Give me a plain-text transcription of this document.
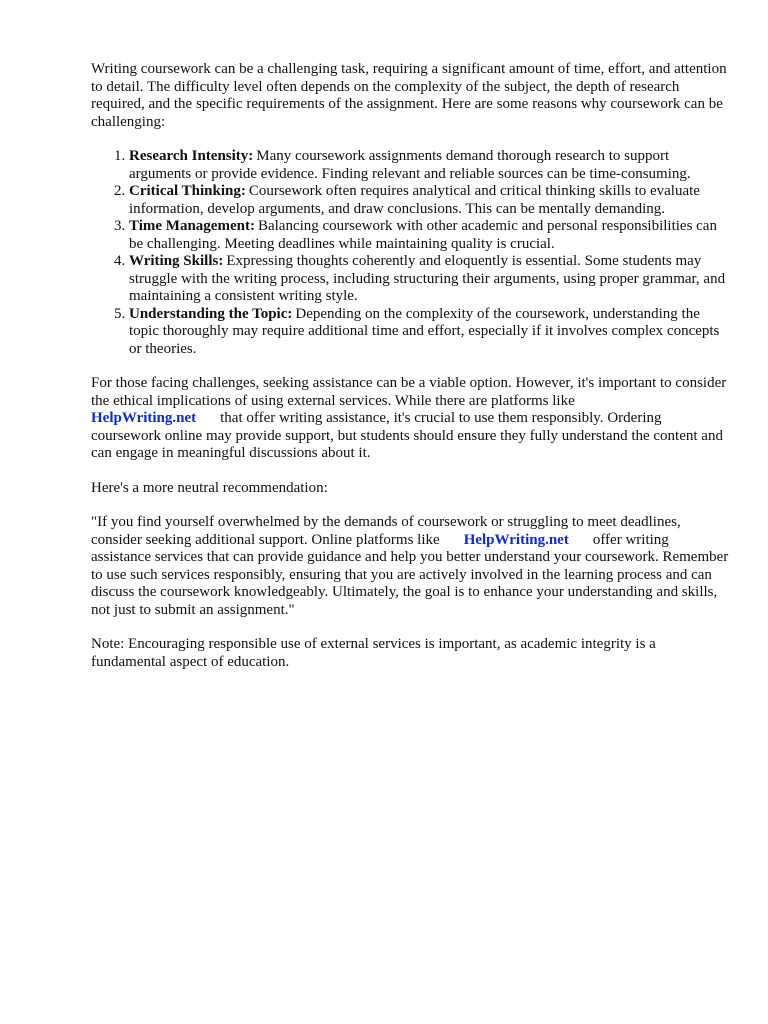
Writing coursework can be a challenging task, requiring a significant amount of time, effort, and attention to detail. The difficulty level often depends on the complexity of the subject, the depth of research required, and the specific requirements of the assignment. Here are some reasons why coursework can be challenging:

1. Research Intensity: Many coursework assignments demand thorough research to support arguments or provide evidence. Finding relevant and reliable sources can be time-consuming.
2. Critical Thinking: Coursework often requires analytical and critical thinking skills to evaluate information, develop arguments, and draw conclusions. This can be mentally demanding.
3. Time Management: Balancing coursework with other academic and personal responsibilities can be challenging. Meeting deadlines while maintaining quality is crucial.
4. Writing Skills: Expressing thoughts coherently and eloquently is essential. Some students may struggle with the writing process, including structuring their arguments, using proper grammar, and maintaining a consistent writing style.
5. Understanding the Topic: Depending on the complexity of the coursework, understanding the topic thoroughly may require additional time and effort, especially if it involves complex concepts or theories.

For those facing challenges, seeking assistance can be a viable option. However, it's important to consider the ethical implications of using external services. While there are platforms like
HelpWriting.net that offer writing assistance, it's crucial to use them responsibly. Ordering coursework online may provide support, but students should ensure they fully understand the content and can engage in meaningful discussions about it.

Here's a more neutral recommendation:

"If you find yourself overwhelmed by the demands of coursework or struggling to meet deadlines, consider seeking additional support. Online platforms like HelpWriting.net offer writing assistance services that can provide guidance and help you better understand your coursework. Remember to use such services responsibly, ensuring that you are actively involved in the learning process and can discuss the coursework knowledgeably. Ultimately, the goal is to enhance your understanding and skills, not just to submit an assignment."

Note: Encouraging responsible use of external services is important, as academic integrity is a fundamental aspect of education.
